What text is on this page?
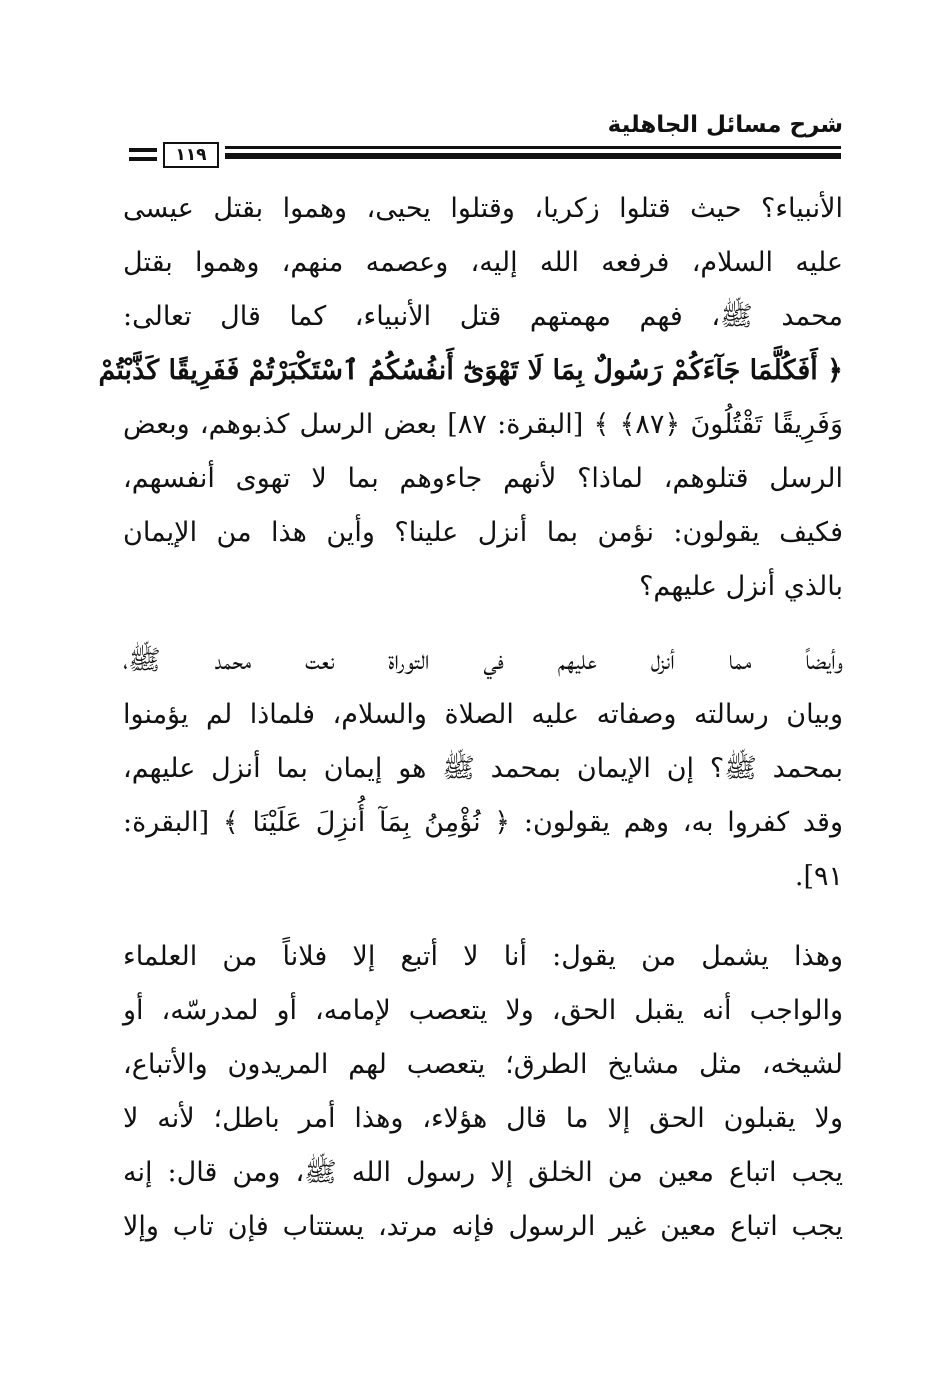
شرح مسائل الجاهلية
١١٩
الأنبياء؟ حيث قتلوا زكريا، وقتلوا يحيى، وهموا بقتل عيسى
عليه السلام، فرفعه الله إليه، وعصمه منهم، وهموا بقتل
محمد ﷺ، فهم مهمتهم قتل الأنبياء، كما قال تعالى:
﴿ أَفَكُلَّمَا جَآءَكُمْ رَسُولٌ بِمَا لَا تَهْوَىٰٓ أَنفُسُكُمُ ٱسْتَكْبَرْتُمْ فَفَرِيقًا كَذَّبْتُمْ
وَفَرِيقًا تَقْتُلُونَ ﴿٨٧﴾ ﴾ [البقرة: ٨٧] بعض الرسل كذبوهم، وبعض
الرسل قتلوهم، لماذا؟ لأنهم جاءوهم بما لا تهوى أنفسهم،
فكيف يقولون: نؤمن بما أنزل علينا؟ وأين هذا من الإيمان
بالذي أنزل عليهم؟
وأيضاً مما أنزل عليهم في التوراة نعت محمد ﷺ،
وبيان رسالته وصفاته عليه الصلاة والسلام، فلماذا لم يؤمنوا
بمحمد ﷺ؟ إن الإيمان بمحمد ﷺ هو إيمان بما أنزل عليهم،
وقد كفروا به، وهم يقولون: ﴿ نُؤْمِنُ بِمَآ أُنزِلَ عَلَيْنَا ﴾ [البقرة:
٩١].
وهذا يشمل من يقول: أنا لا أتبع إلا فلاناً من العلماء
والواجب أنه يقبل الحق، ولا يتعصب لإمامه، أو لمدرسّه، أو
لشيخه، مثل مشايخ الطرق؛ يتعصب لهم المريدون والأتباع،
ولا يقبلون الحق إلا ما قال هؤلاء، وهذا أمر باطل؛ لأنه لا
يجب اتباع معين من الخلق إلا رسول الله ﷺ، ومن قال: إنه
يجب اتباع معين غير الرسول فإنه مرتد، يستتاب فإن تاب وإلا
